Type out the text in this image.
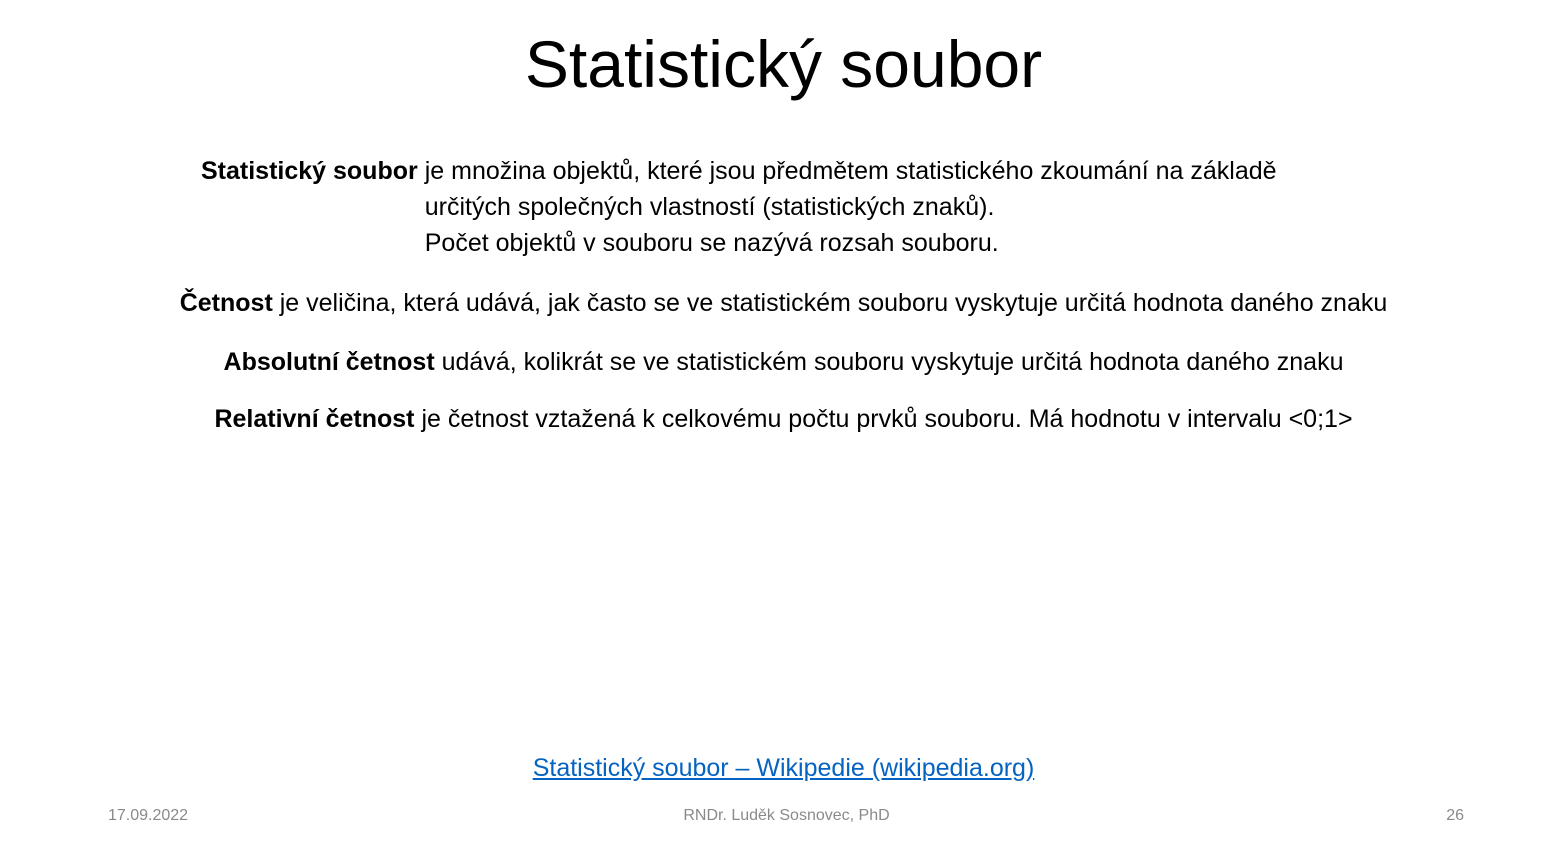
Statistický soubor
Statistický soubor je množina objektů, které jsou předmětem statistického zkoumání na základě
určitých společných vlastností (statistických znaků).
Počet objektů v souboru se nazývá rozsah souboru.
Četnost je veličina, která udává, jak často se ve statistickém souboru vyskytuje určitá hodnota daného znaku
Absolutní četnost udává, kolikrát se ve statistickém souboru vyskytuje určitá hodnota daného znaku
Relativní četnost je četnost vztažená k celkovému počtu prvků souboru. Má hodnotu v intervalu <0;1>
Statistický soubor – Wikipedie (wikipedia.org)
17.09.2022	RNDr. Luděk Sosnovec, PhD	26
